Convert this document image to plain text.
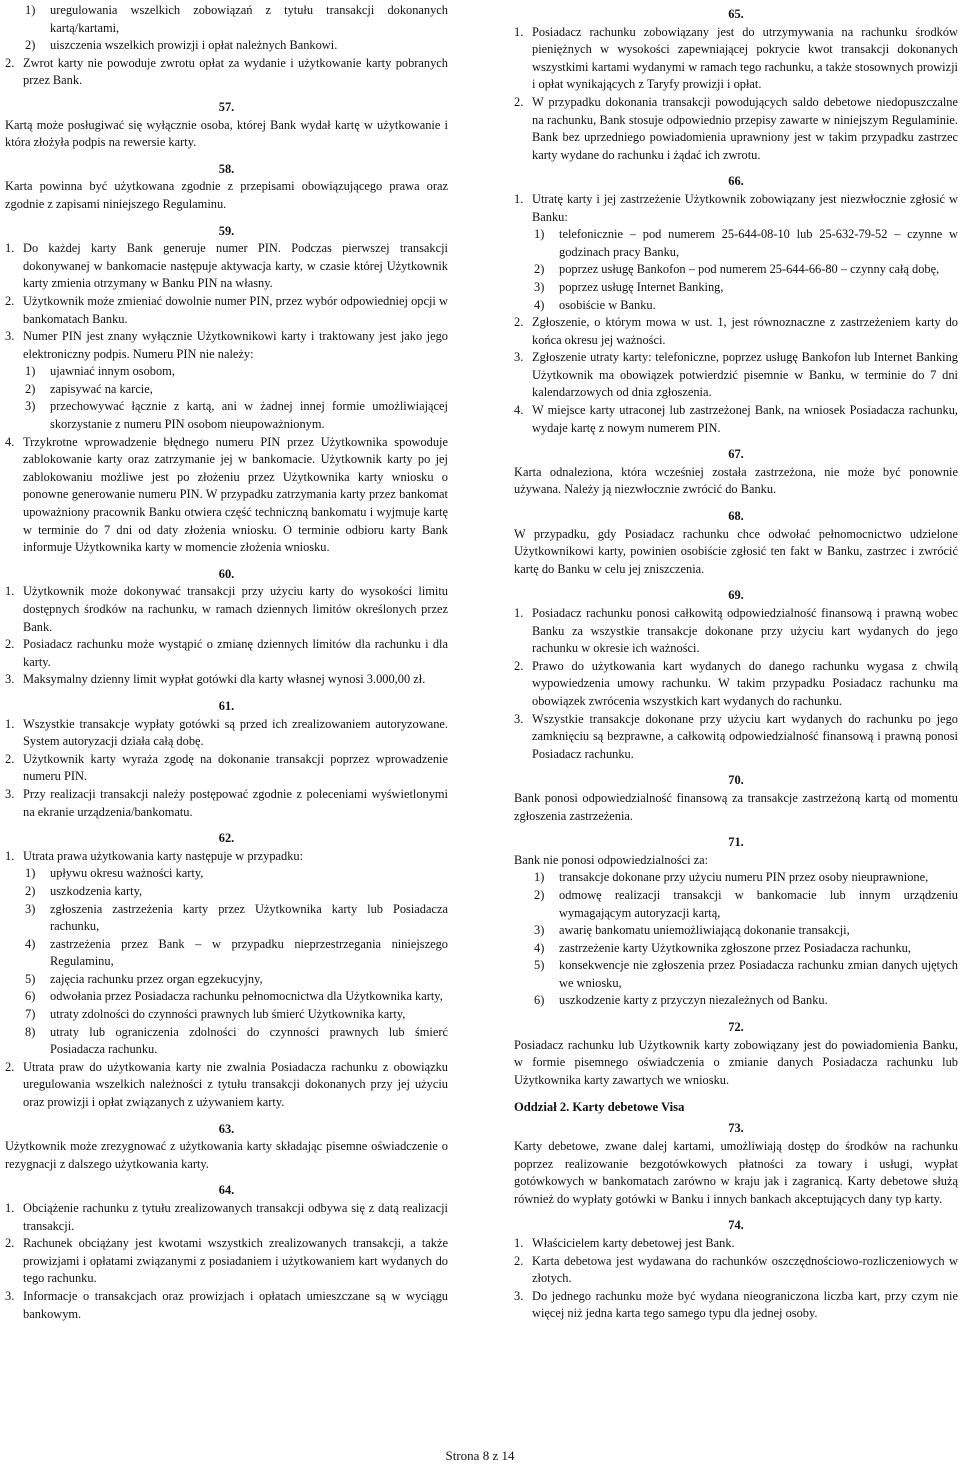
1)	uregulowania wszelkich zobowiązań z tytułu transakcji dokonanych kartą/kartami,
2)	uiszczenia wszelkich prowizji i opłat należnych Bankowi.
2. Zwrot karty nie powoduje zwrotu opłat za wydanie i użytkowanie karty pobranych przez Bank.
57.
Kartą może posługiwać się wyłącznie osoba, której Bank wydał kartę w użytkowanie i która złożyła podpis na rewersie karty.
58.
Karta powinna być użytkowana zgodnie z przepisami obowiązującego prawa oraz zgodnie z zapisami niniejszego Regulaminu.
59.
1. Do każdej karty Bank generuje numer PIN. Podczas pierwszej transakcji dokonywanej w bankomacie następuje aktywacja karty, w czasie której Użytkownik karty zmienia otrzymany w Banku PIN na własny.
2. Użytkownik może zmieniać dowolnie numer PIN, przez wybór odpowiedniej opcji w bankomatach Banku.
3. Numer PIN jest znany wyłącznie Użytkownikowi karty i traktowany jest jako jego elektroniczny podpis. Numeru PIN nie należy:
1)	ujawniać innym osobom,
2)	zapisywać na karcie,
3)	przechowywać łącznie z kartą, ani w żadnej innej formie umożliwiającej skorzystanie z numeru PIN osobom nieupoważnionym.
4. Trzykrotne wprowadzenie błędnego numeru PIN przez Użytkownika spowoduje zablokowanie karty oraz zatrzymanie jej w bankomacie. Użytkownik karty po jej zablokowaniu możliwe jest po złożeniu przez Użytkownika karty wniosku o ponowne generowanie numeru PIN. W przypadku zatrzymania karty przez bankomat upoważniony pracownik Banku otwiera część techniczną bankomatu i wyjmuje kartę w terminie do 7 dni od daty złożenia wniosku. O terminie odbioru karty Bank informuje Użytkownika karty w momencie złożenia wniosku.
60.
1. Użytkownik może dokonywać transakcji przy użyciu karty do wysokości limitu dostępnych środków na rachunku, w ramach dziennych limitów określonych przez Bank.
2. Posiadacz rachunku może wystąpić o zmianę dziennych limitów dla rachunku i dla karty.
3. Maksymalny dzienny limit wypłat gotówki dla karty własnej wynosi 3.000,00 zł.
61.
1. Wszystkie transakcje wypłaty gotówki są przed ich zrealizowaniem autoryzowane. System autoryzacji działa całą dobę.
2. Użytkownik karty wyraża zgodę na dokonanie transakcji poprzez wprowadzenie numeru PIN.
3. Przy realizacji transakcji należy postępować zgodnie z poleceniami wyświetlonymi na ekranie urządzenia/bankomatu.
62.
1. Utrata prawa użytkowania karty następuje w przypadku:
1)	upływu okresu ważności karty,
2)	uszkodzenia karty,
3)	zgłoszenia zastrzeżenia karty przez Użytkownika karty lub Posiadacza rachunku,
4)	zastrzeżenia przez Bank – w przypadku nieprzestrzegania niniejszego Regulaminu,
5)	zajęcia rachunku przez organ egzekucyjny,
6)	odwołania przez Posiadacza rachunku pełnomocnictwa dla Użytkownika karty,
7)	utraty zdolności do czynności prawnych lub śmierć Użytkownika karty,
8)	utraty lub ograniczenia zdolności do czynności prawnych lub śmierć Posiadacza rachunku.
2. Utrata praw do użytkowania karty nie zwalnia Posiadacza rachunku z obowiązku uregulowania wszelkich należności z tytułu transakcji dokonanych przy jej użyciu oraz prowizji i opłat związanych z używaniem karty.
63.
Użytkownik może zrezygnować z użytkowania karty składając pisemne oświadczenie o rezygnacji z dalszego użytkowania karty.
64.
1. Obciążenie rachunku z tytułu zrealizowanych transakcji odbywa się z datą realizacji transakcji.
2. Rachunek obciążany jest kwotami wszystkich zrealizowanych transakcji, a także prowizjami i opłatami związanymi z posiadaniem i użytkowaniem kart wydanych do tego rachunku.
3. Informacje o transakcjach oraz prowizjach i opłatach umieszczane są w wyciągu bankowym.
65.
1. Posiadacz rachunku zobowiązany jest do utrzymywania na rachunku środków pieniężnych w wysokości zapewniającej pokrycie kwot transakcji dokonanych wszystkimi kartami wydanymi w ramach tego rachunku, a także stosownych prowizji i opłat wynikających z Taryfy prowizji i opłat.
2. W przypadku dokonania transakcji powodujących saldo debetowe niedopuszczalne na rachunku, Bank stosuje odpowiednio przepisy zawarte w niniejszym Regulaminie. Bank bez uprzedniego powiadomienia uprawniony jest w takim przypadku zastrzec karty wydane do rachunku i żądać ich zwrotu.
66.
1. Utratę karty i jej zastrzeżenie Użytkownik zobowiązany jest niezwłocznie zgłosić w Banku:
1)	telefonicznie – pod numerem 25-644-08-10 lub 25-632-79-52 – czynne w godzinach pracy Banku,
2)	poprzez usługę Bankofon – pod numerem 25-644-66-80 – czynny całą dobę,
3)	poprzez usługę Internet Banking,
4)	osobiście w Banku.
2. Zgłoszenie, o którym mowa w ust. 1, jest równoznaczne z zastrzeżeniem karty do końca okresu jej ważności.
3. Zgłoszenie utraty karty: telefoniczne, poprzez usługę Bankofon lub Internet Banking Użytkownik ma obowiązek potwierdzić pisemnie w Banku, w terminie do 7 dni kalendarzowych od dnia zgłoszenia.
4. W miejsce karty utraconej lub zastrzeżonej Bank, na wniosek Posiadacza rachunku, wydaje kartę z nowym numerem PIN.
67.
Karta odnaleziona, która wcześniej została zastrzeżona, nie może być ponownie używana. Należy ją niezwłocznie zwrócić do Banku.
68.
W przypadku, gdy Posiadacz rachunku chce odwołać pełnomocnictwo udzielone Użytkownikowi karty, powinien osobiście zgłosić ten fakt w Banku, zastrzec i zwrócić kartę do Banku w celu jej zniszczenia.
69.
1. Posiadacz rachunku ponosi całkowitą odpowiedzialność finansową i prawną wobec Banku za wszystkie transakcje dokonane przy użyciu kart wydanych do jego rachunku w okresie ich ważności.
2. Prawo do użytkowania kart wydanych do danego rachunku wygasa z chwilą wypowiedzenia umowy rachunku. W takim przypadku Posiadacz rachunku ma obowiązek zwrócenia wszystkich kart wydanych do rachunku.
3. Wszystkie transakcje dokonane przy użyciu kart wydanych do rachunku po jego zamknięciu są bezprawne, a całkowitą odpowiedzialność finansową i prawną ponosi Posiadacz rachunku.
70.
Bank ponosi odpowiedzialność finansową za transakcje zastrzeżoną kartą od momentu zgłoszenia zastrzeżenia.
71.
Bank nie ponosi odpowiedzialności za:
1)	transakcje dokonane przy użyciu numeru PIN przez osoby nieuprawnione,
2)	odmowę realizacji transakcji w bankomacie lub innym urządzeniu wymagającym autoryzacji kartą,
3)	awarię bankomatu uniemożliwiającą dokonanie transakcji,
4)	zastrzeżenie karty Użytkownika zgłoszone przez Posiadacza rachunku,
5)	konsekwencje nie zgłoszenia przez Posiadacza rachunku zmian danych ujętych we wniosku,
6)	uszkodzenie karty z przyczyn niezależnych od Banku.
72.
Posiadacz rachunku lub Użytkownik karty zobowiązany jest do powiadomienia Banku, w formie pisemnego oświadczenia o zmianie danych Posiadacza rachunku lub Użytkownika karty zawartych we wniosku.
Oddział 2. Karty debetowe Visa
73.
Karty debetowe, zwane dalej kartami, umożliwiają dostęp do środków na rachunku poprzez realizowanie bezgotówkowych płatności za towary i usługi, wypłat gotówkowych w bankomatach zarówno w kraju jak i zagranicą. Karty debetowe służą również do wypłaty gotówki w Banku i innych bankach akceptujących dany typ karty.
74.
1. Właścicielem karty debetowej jest Bank.
2. Karta debetowa jest wydawana do rachunków oszczędnościowo-rozliczeniowych w złotych.
3. Do jednego rachunku może być wydana nieograniczona liczba kart, przy czym nie więcej niż jedna karta tego samego typu dla jednej osoby.
Strona 8 z 14
